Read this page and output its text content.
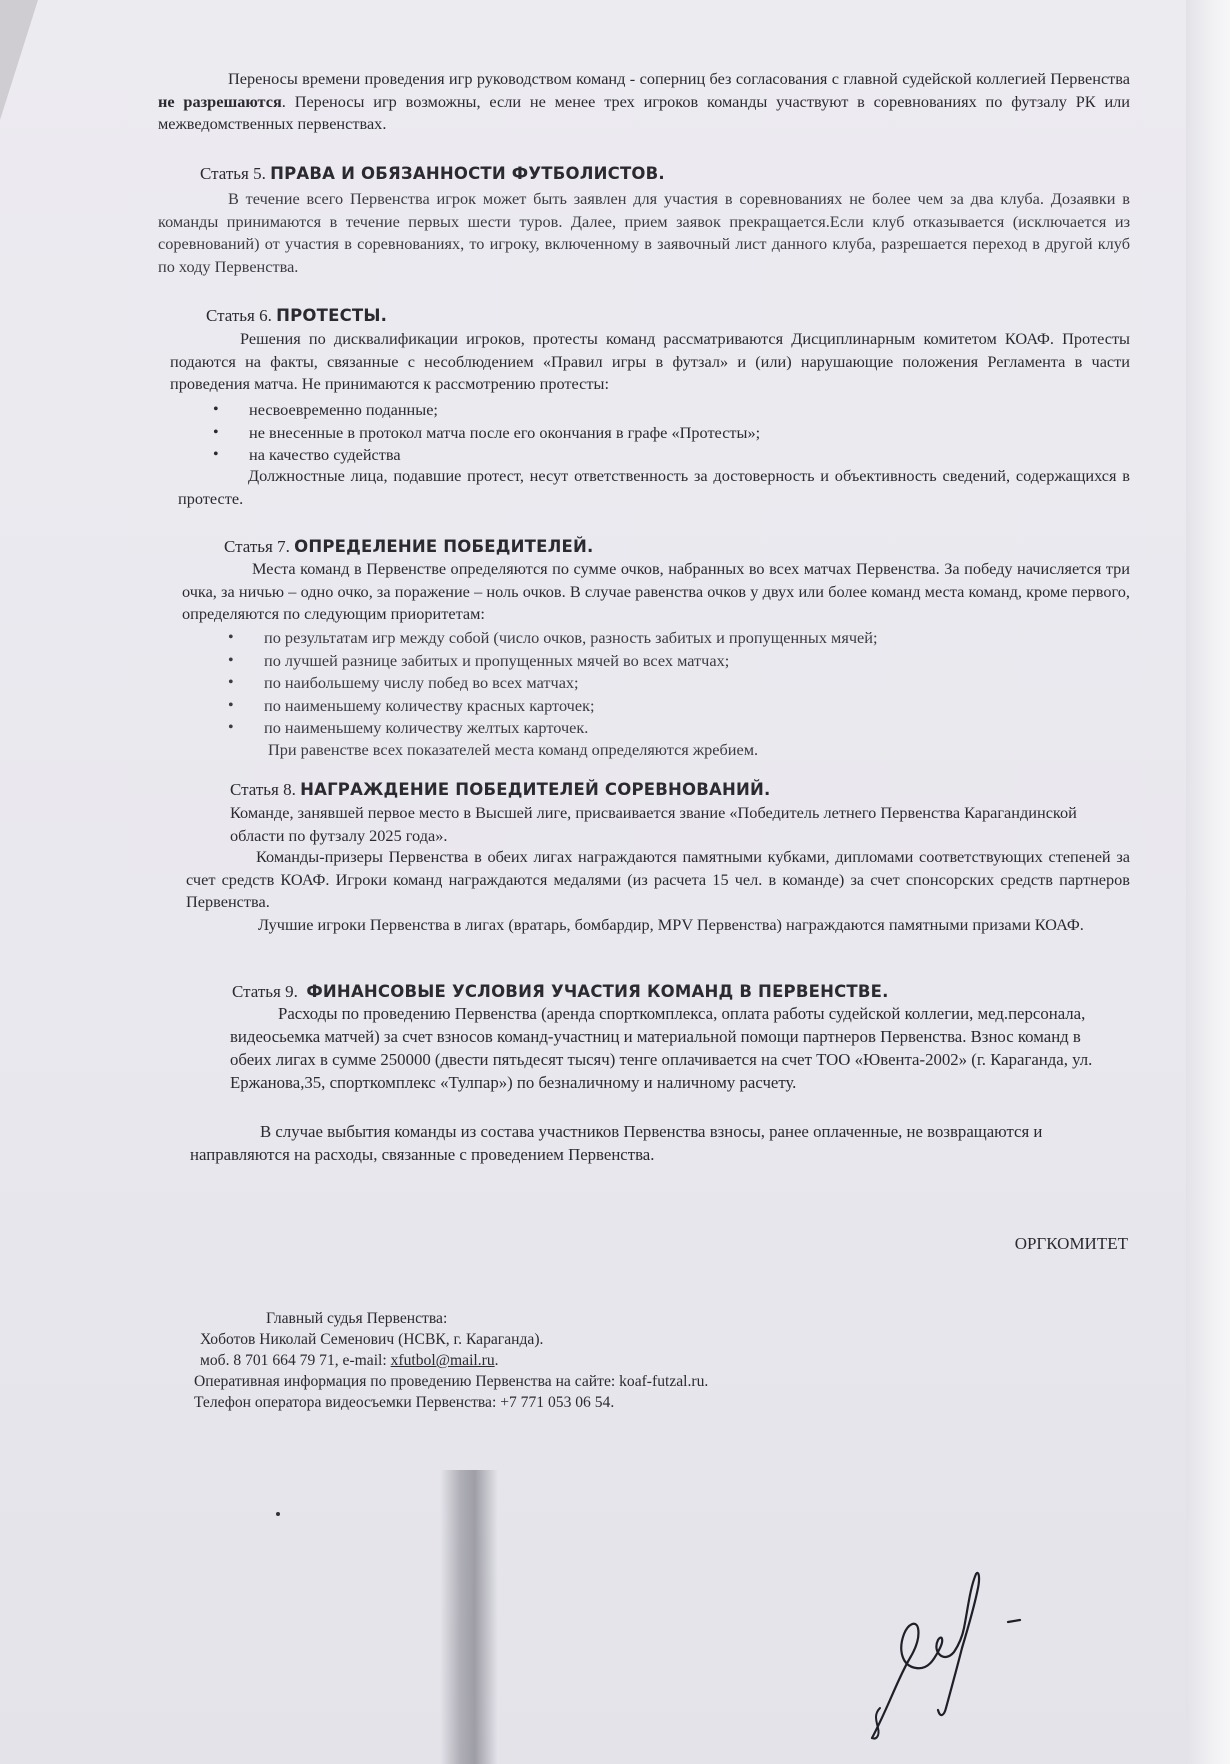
Переносы времени проведения игр руководством команд - соперниц без согласования с главной судейской коллегией Первенства не разрешаются. Переносы игр возможны, если не менее трех игроков команды участвуют в соревнованиях по футзалу РК или межведомственных первенствах.

Статья 5. ПРАВА И ОБЯЗАННОСТИ ФУТБОЛИСТОВ.

В течение всего Первенства игрок может быть заявлен для участия в соревнованиях не более чем за два клуба. Дозаявки в команды принимаются в течение первых шести туров. Далее, прием заявок прекращается.Если клуб отказывается (исключается из соревнований) от участия в соревнованиях, то игроку, включенному в заявочный лист данного клуба, разрешается переход в другой клуб по ходу Первенства.

Статья 6. ПРОТЕСТЫ.

Решения по дисквалификации игроков, протесты команд рассматриваются Дисциплинарным комитетом КОАФ. Протесты подаются на факты, связанные с несоблюдением «Правил игры в футзал» и (или) нарушающие положения Регламента в части проведения матча. Не принимаются к рассмотрению протесты:

• несвоевременно поданные;
• не внесенные в протокол матча после его окончания в графе «Протесты»;
• на качество судейства

Должностные лица, подавшие протест, несут ответственность за достоверность и объективность сведений, содержащихся в протесте.

Статья 7. ОПРЕДЕЛЕНИЕ ПОБЕДИТЕЛЕЙ.

Места команд в Первенстве определяются по сумме очков, набранных во всех матчах Первенства. За победу начисляется три очка, за ничью – одно очко, за поражение – ноль очков. В случае равенства очков у двух или более команд места команд, кроме первого, определяются по следующим приоритетам:

• по результатам игр между собой (число очков, разность забитых и пропущенных мячей;
• по лучшей разнице забитых и пропущенных мячей во всех матчах;
• по наибольшему числу побед во всех матчах;
• по наименьшему количеству красных карточек;
• по наименьшему количеству желтых карточек.

При равенстве всех показателей места команд определяются жребием.

Статья 8. НАГРАЖДЕНИЕ ПОБЕДИТЕЛЕЙ СОРЕВНОВАНИЙ.

Команде, занявшей первое место в Высшей лиге, присваивается звание «Победитель летнего Первенства Карагандинской области по футзалу 2025 года».

Команды-призеры Первенства в обеих лигах награждаются памятными кубками, дипломами соответствующих степеней за счет средств КОАФ. Игроки команд награждаются медалями (из расчета 15 чел. в команде) за счет спонсорских средств партнеров Первенства.

Лучшие игроки Первенства в лигах (вратарь, бомбардир, MPV Первенства) награждаются памятными призами КОАФ.

Статья 9. ФИНАНСОВЫЕ УСЛОВИЯ УЧАСТИЯ КОМАНД В ПЕРВЕНСТВЕ.

Расходы по проведению Первенства (аренда спорткомплекса, оплата работы судейской коллегии, мед.персонала, видеосьемка матчей) за счет взносов команд-участниц и материальной помощи партнеров Первенства. Взнос команд в обеих лигах в сумме 250000 (двести пятьдесят тысяч) тенге оплачивается на счет ТОО «Ювента-2002» (г. Караганда, ул. Ержанова,35, спорткомплекс «Тулпар») по безналичному и наличному расчету.

В случае выбытия команды из состава участников Первенства взносы, ранее оплаченные, не возвращаются и направляются на расходы, связанные с проведением Первенства.

ОРГКОМИТЕТ
Главный судья Первенства:
Хоботов Николай Семенович (НСВК, г. Караганда).
моб. 8 701 664 79 71, e-mail: xfutbol@mail.ru.
Оперативная информация по проведению Первенства на сайте: koaf-futzal.ru.
Телефон оператора видеосъемки Первенства: +7 771 053 06 54.
